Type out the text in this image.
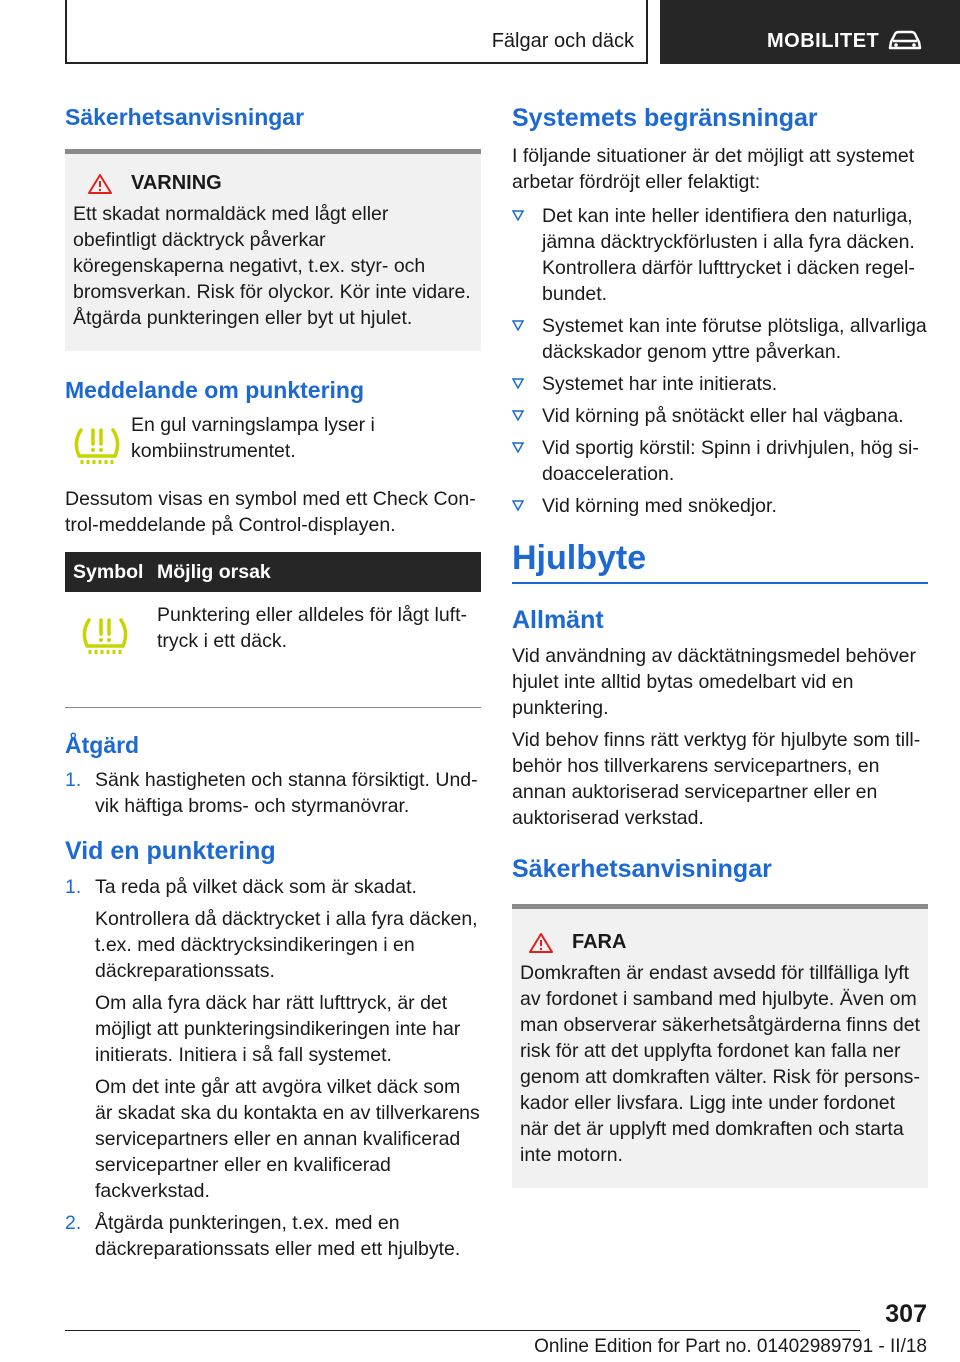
Fälgar och däck	MOBILITET
Säkerhetsanvisningar
VARNING

Ett skadat normaldäck med lågt eller obefintligt däcktryck påverkar köregenskaperna negativt, t.ex. styr- och bromsverkan. Risk för olyckor. Kör inte vidare. Åtgärda punkteringen eller byt ut hjulet.

Meddelande om punktering

En gul varningslampa lyser i kombiinstrumentet.

Dessutom visas en symbol med ett Check Control-meddelande på Control-displayen.

Symbol Möjlig orsak

Punktering eller alldeles för lågt lufttryck i ett däck.

Åtgärd
1. Sänk hastigheten och stanna försiktigt. Undvik häftiga broms- och styrmanövrar.
Vid en punktering
1. Ta reda på vilket däck som är skadat.

Kontrollera då däcktrycket i alla fyra däcken, t.ex. med däcktrycksindikeringen i en däckreparationssats.

Om alla fyra däck har rätt lufttryck, är det möjligt att punkteringsindikeringen inte har initierats. Initiera i så fall systemet.

Om det inte går att avgöra vilket däck som är skadat ska du kontakta en av tillverkarens servicepartners eller en annan kvalificerad servicepartner eller en kvalificerad fackverkstad.

2. Åtgärda punkteringen, t.ex. med en däckreparationssats eller med ett hjulbyte.

Systemets begränsningar

I följande situationer är det möjligt att systemet arbetar fördröjt eller felaktigt:

Det kan inte heller identifiera den naturliga, jämna däcktryckförlusten i alla fyra däcken. Kontrollera därför lufttrycket i däcken regelbundet.
Systemet kan inte förutse plötsliga, allvarliga däckskador genom yttre påverkan.
Systemet har inte initierats.
Vid körning på snötäckt eller hal vägbana.
Vid sportig körstil: Spinn i drivhjulen, hög sidoacceleration.
Vid körning med snökedjor.
Hjulbyte
Allmänt

Vid användning av däcktätningsmedel behöver hjulet inte alltid bytas omedelbart vid en punktering.

Vid behov finns rätt verktyg för hjulbyte som tillbehör hos tillverkarens servicepartners, en annan auktoriserad servicepartner eller en auktoriserad verkstad.

Säkerhetsanvisningar
FARA

Domkraften är endast avsedd för tillfälliga lyft av fordonet i samband med hjulbyte. Även om man observerar säkerhetsåtgärderna finns det risk för att det upplyfta fordonet kan falla ner genom att domkraften välter. Risk för personskador eller livsfara. Ligg inte under fordonet när det är upplyft med domkraften och starta inte motorn.

307
Online Edition for Part no. 01402989791 - II/18
